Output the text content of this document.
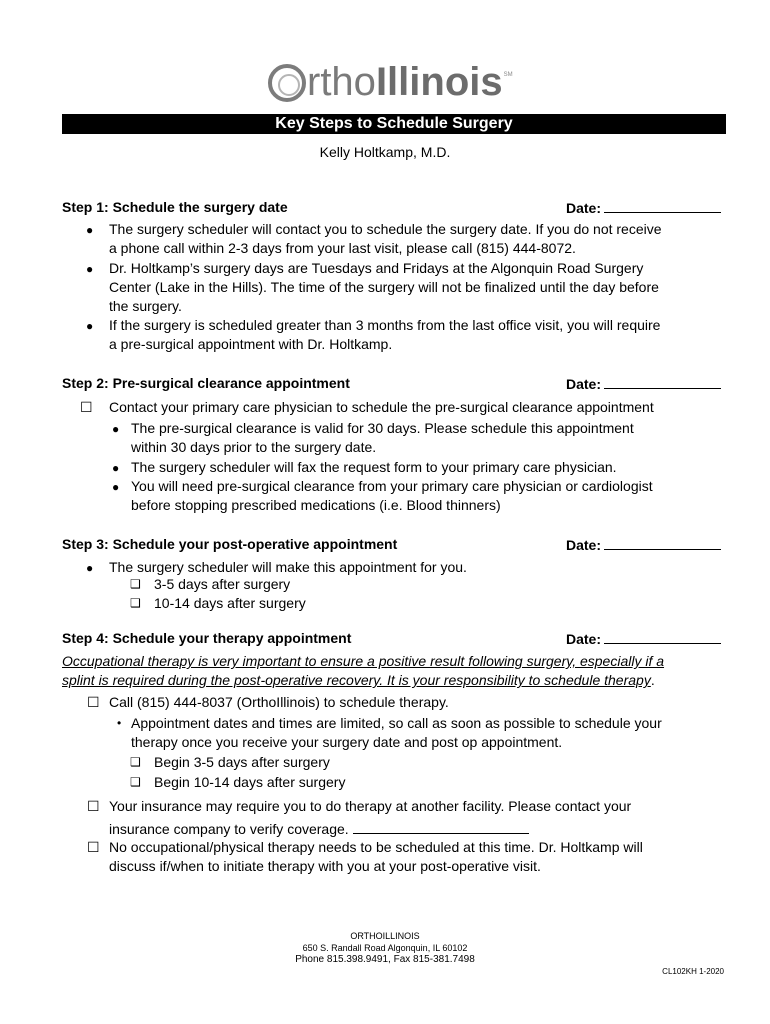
rtho Illinois SM
Key Steps to Schedule Surgery
Kelly Holtkamp, M.D.
Step 1: Schedule the surgery date	Date:
● The surgery scheduler will contact you to schedule the surgery date. If you do not receive
a phone call within 2-3 days from your last visit, please call (815) 444-8072.
● Dr. Holtkamp’s surgery days are Tuesdays and Fridays at the Algonquin Road Surgery
Center (Lake in the Hills). The time of the surgery will not be finalized until the day before
the surgery.
● If the surgery is scheduled greater than 3 months from the last office visit, you will require
a pre-surgical appointment with Dr. Holtkamp.
Step 2: Pre-surgical clearance appointment	Date:
☐ Contact your primary care physician to schedule the pre-surgical clearance appointment
● The pre-surgical clearance is valid for 30 days. Please schedule this appointment
within 30 days prior to the surgery date.
● The surgery scheduler will fax the request form to your primary care physician.
● You will need pre-surgical clearance from your primary care physician or cardiologist
before stopping prescribed medications (i.e. Blood thinners)
Step 3: Schedule your post-operative appointment	Date:
● The surgery scheduler will make this appointment for you.
❑ 3-5 days after surgery
❑ 10-14 days after surgery
Step 4: Schedule your therapy appointment	Date:
Occupational therapy is very important to ensure a positive result following surgery, especially if a
splint is required during the post-operative recovery. It is your responsibility to schedule therapy.
☐ Call (815) 444-8037 (OrthoIllinois) to schedule therapy.
• Appointment dates and times are limited, so call as soon as possible to schedule your
therapy once you receive your surgery date and post op appointment.
❑ Begin 3-5 days after surgery
❑ Begin 10-14 days after surgery
☐ Your insurance may require you to do therapy at another facility. Please contact your
insurance company to verify coverage.
☐ No occupational/physical therapy needs to be scheduled at this time. Dr. Holtkamp will
discuss if/when to initiate therapy with you at your post-operative visit.
ORTHOILLINOIS
650 S. Randall Road Algonquin, IL 60102
Phone 815.398.9491, Fax 815-381.7498
CL102KH 1-2020
